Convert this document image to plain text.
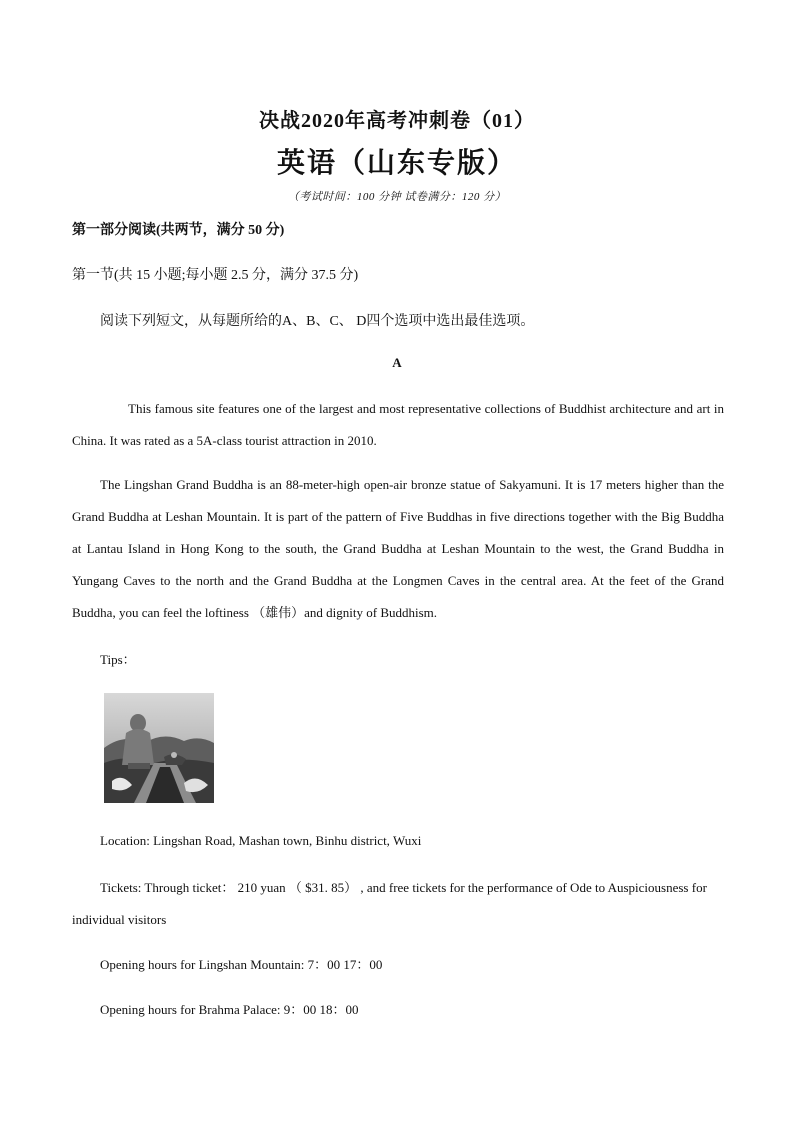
决战2020年高考冲刺卷（01）
英语（山东专版）
（考试时间：100 分钟 试卷满分：120 分）
第一部分阅读(共两节，满分 50 分)
第一节(共 15 小题;每小题 2.5 分，满分 37.5 分)
阅读下列短文，从每题所给的A、B、C、 D四个选项中选出最佳选项。
A
This famous site features one of the largest and most representative collections of Buddhist architecture and art in China. It was rated as a 5A-class tourist attraction in 2010.
The Lingshan Grand Buddha is an 88-meter-high open-air bronze statue of Sakyamuni. It is 17 meters higher than the Grand Buddha at Leshan Mountain. It is part of the pattern of Five Buddhas in five directions together with the Big Buddha at Lantau Island in Hong Kong to the south, the Grand Buddha at Leshan Mountain to the west, the Grand Buddha in Yungang Caves to the north and the Grand Buddha at the Longmen Caves in the central area. At the feet of the Grand Buddha, you can feel the loftiness （雄伟）and dignity of Buddhism.
Tips：
Location: Lingshan Road, Mashan town, Binhu district, Wuxi
Tickets: Through ticket： 210 yuan （ $31. 85） , and free tickets for the performance of Ode to Auspiciousness for individual visitors
Opening hours for Lingshan Mountain: 7：00 17：00
Opening hours for Brahma Palace: 9：00 18：00
